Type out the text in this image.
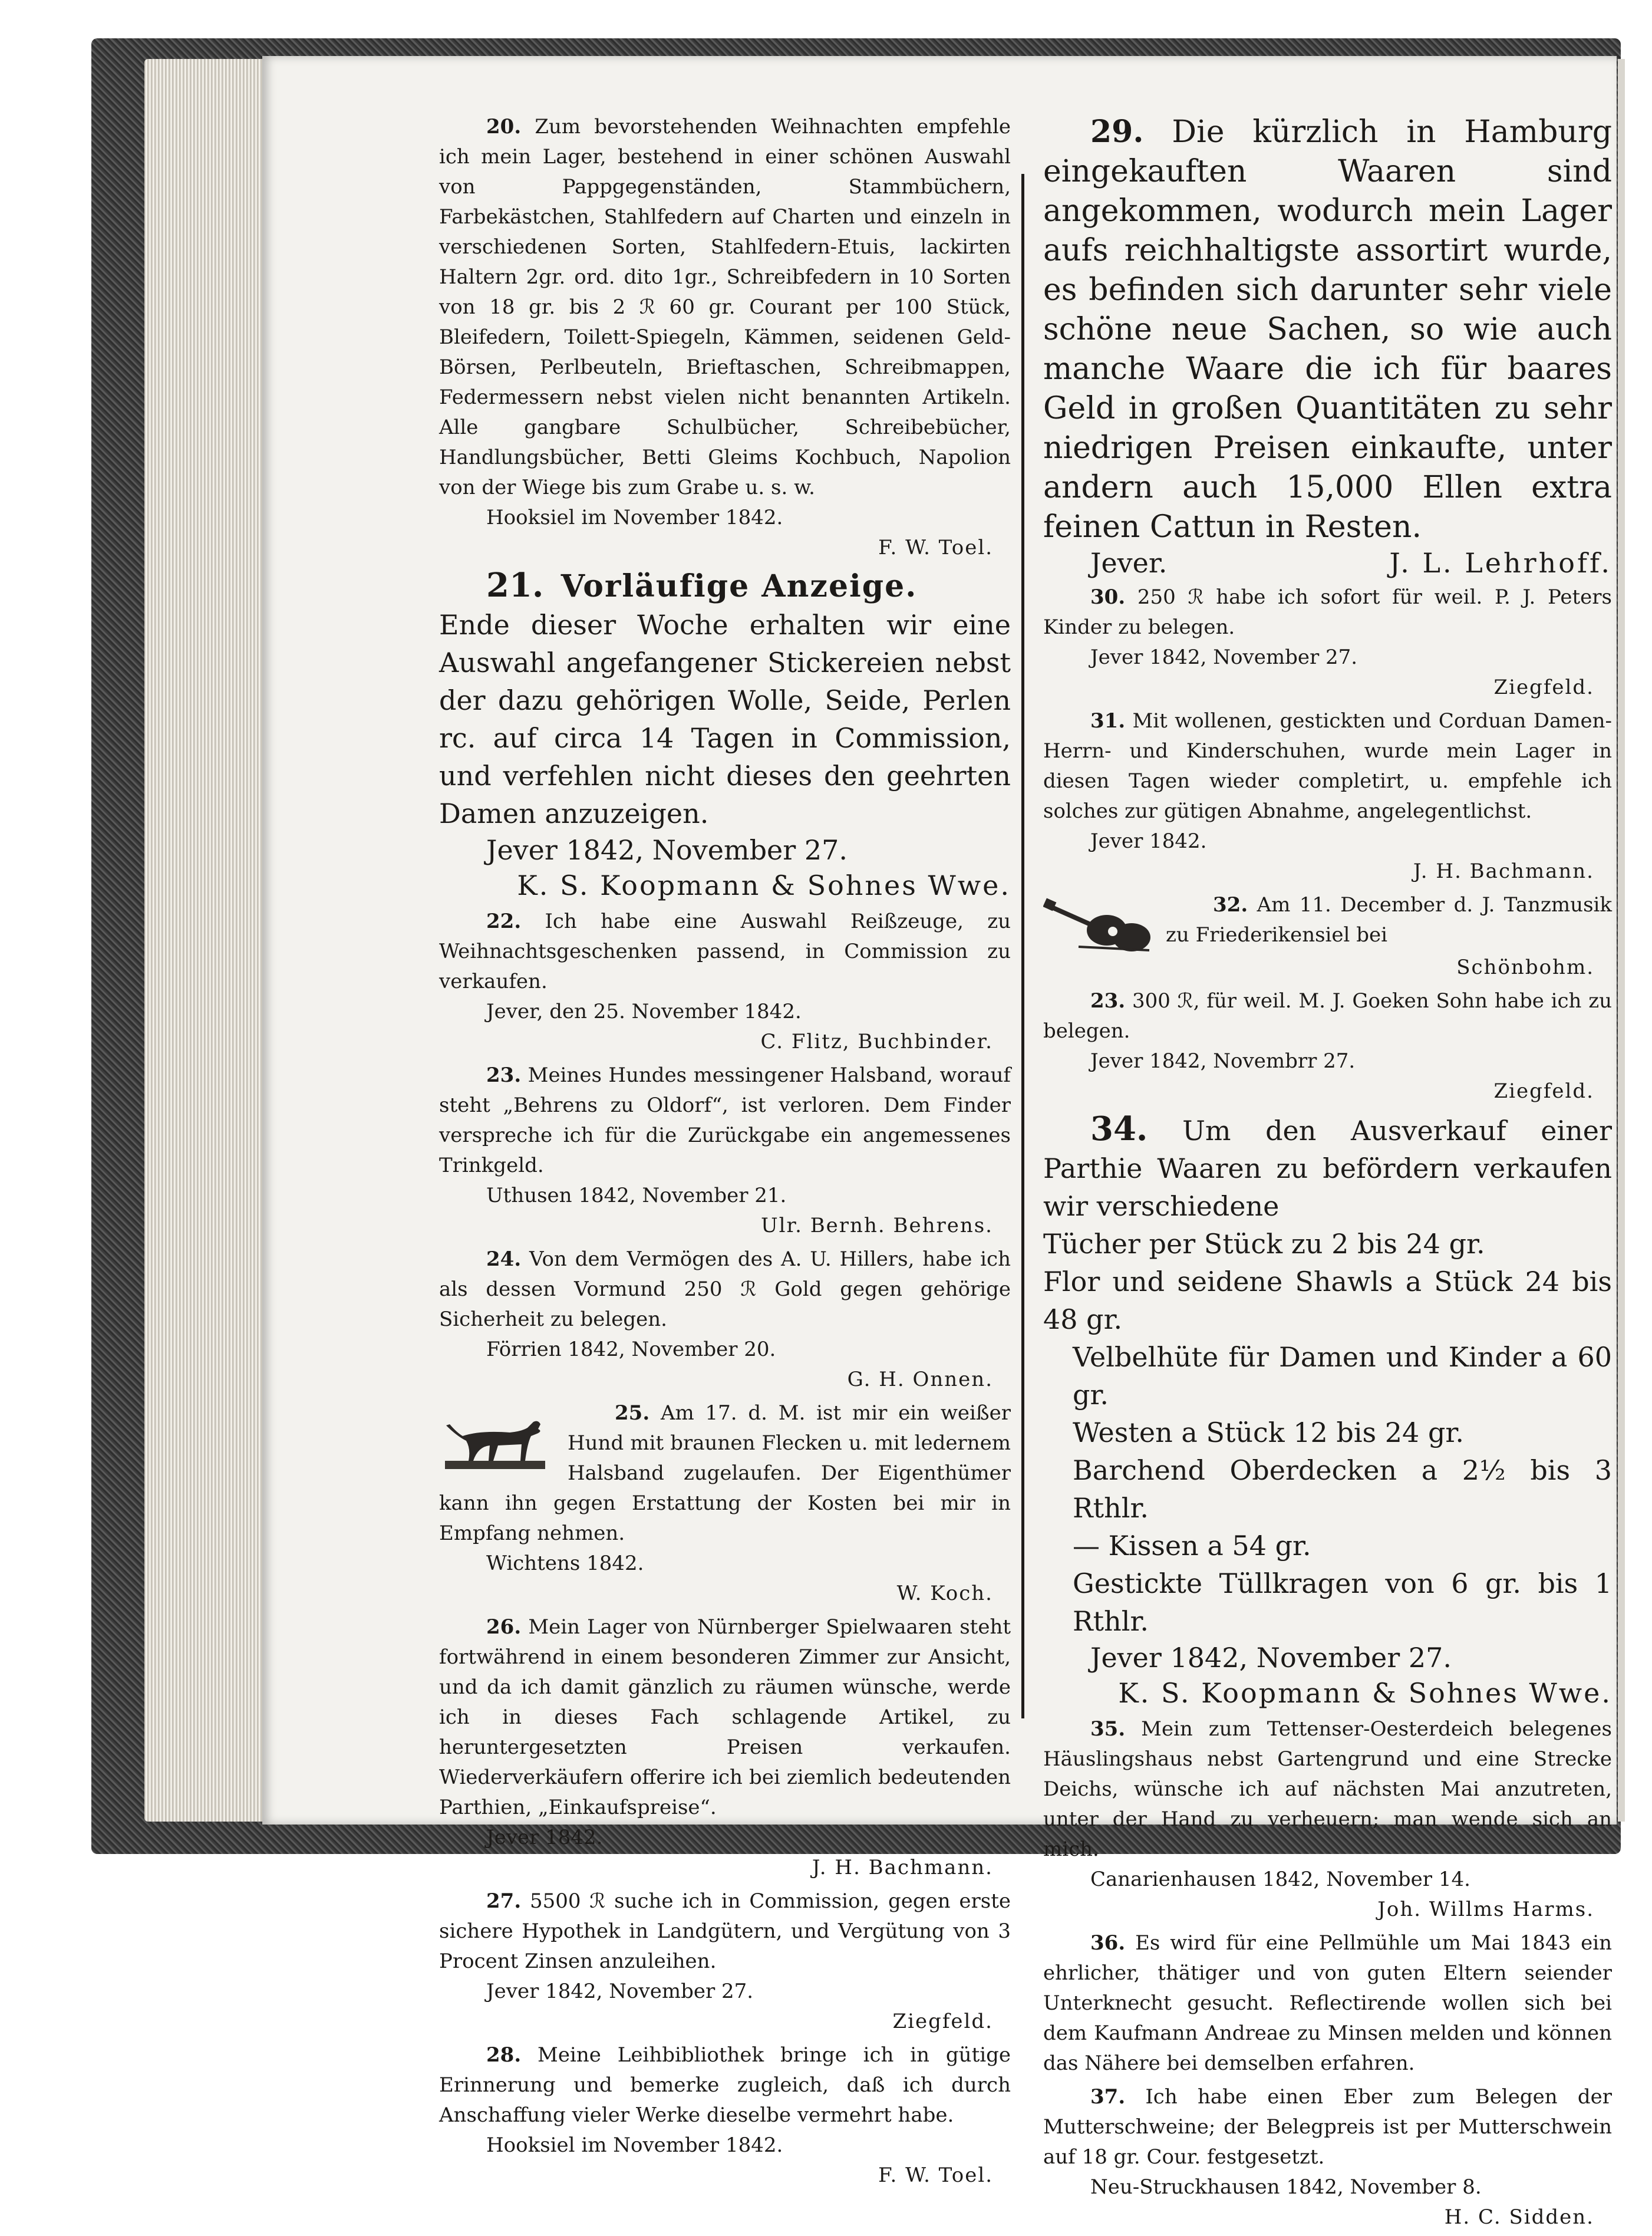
20. Zum bevorstehenden Weihnachten empfehle ich mein Lager, bestehend in einer schönen Auswahl von Pappgegenständen, Stammbüchern, Farbekästchen, Stahlfedern auf Charten und einzeln in verschiedenen Sorten, Stahlfedern-Etuis, lackirten Haltern 2gr. ord. dito 1gr., Schreibfedern in 10 Sorten von 18 gr. bis 2 ℛ 60 gr. Courant per 100 Stück, Bleifedern, Toilett-Spiegeln, Kämmen, seidenen Geld-Börsen, Perlbeuteln, Brieftaschen, Schreibmappen, Federmessern nebst vielen nicht benannten Artikeln. Alle gangbare Schulbücher, Schreibebücher, Handlungsbücher, Betti Gleims Kochbuch, Napolion von der Wiege bis zum Grabe u. s. w.

Hooksiel im November 1842.

F. W. Toel.

21. Vorläufige Anzeige.

Ende dieser Woche erhalten wir eine Auswahl angefangener Stickereien nebst der dazu gehörigen Wolle, Seide, Perlen rc. auf circa 14 Tagen in Commission, und verfehlen nicht dieses den geehrten Damen anzuzeigen.

Jever 1842, November 27.

K. S. Koopmann & Sohnes Wwe.

22. Ich habe eine Auswahl Reißzeuge, zu Weihnachtsgeschenken passend, in Commission zu verkaufen.

Jever, den 25. November 1842.

C. Flitz, Buchbinder.

23. Meines Hundes messingener Halsband, worauf steht „Behrens zu Oldorf“, ist verloren. Dem Finder verspreche ich für die Zurückgabe ein angemessenes Trinkgeld.

Uthusen 1842, November 21.

Ulr. Bernh. Behrens.

24. Von dem Vermögen des A. U. Hillers, habe ich als dessen Vormund 250 ℛ Gold gegen gehörige Sicherheit zu belegen.

Förrien 1842, November 20.

G. H. Onnen.

25. Am 17. d. M. ist mir ein weißer Hund mit braunen Flecken u. mit ledernem Halsband zugelaufen. Der Eigenthümer kann ihn gegen Erstattung der Kosten bei mir in Empfang nehmen.

Wichtens 1842.

W. Koch.

26. Mein Lager von Nürnberger Spielwaaren steht fortwährend in einem besonderen Zimmer zur Ansicht, und da ich damit gänzlich zu räumen wünsche, werde ich in dieses Fach schlagende Artikel, zu heruntergesetzten Preisen verkaufen. Wiederverkäufern offerire ich bei ziemlich bedeutenden Parthien, „Einkaufspreise“.

Jever 1842.

J. H. Bachmann.

27. 5500 ℛ suche ich in Commission, gegen erste sichere Hypothek in Landgütern, und Vergütung von 3 Procent Zinsen anzuleihen.

Jever 1842, November 27.

Ziegfeld.

28. Meine Leihbibliothek bringe ich in gütige Erinnerung und bemerke zugleich, daß ich durch Anschaffung vieler Werke dieselbe vermehrt habe.

Hooksiel im November 1842.

F. W. Toel.

29. Die kürzlich in Hamburg eingekauften Waaren sind angekommen, wodurch mein Lager aufs reichhaltigste assortirt wurde, es befinden sich darunter sehr viele schöne neue Sachen, so wie auch manche Waare die ich für baares Geld in großen Quantitäten zu sehr niedrigen Preisen einkaufte, unter andern auch 15,000 Ellen extra feinen Cattun in Resten.

Jever.	J. L. Lehrhoff.

30. 250 ℛ habe ich sofort für weil. P. J. Peters Kinder zu belegen.

Jever 1842, November 27.

Ziegfeld.

31. Mit wollenen, gestickten und Corduan Damen-Herrn- und Kinderschuhen, wurde mein Lager in diesen Tagen wieder completirt, u. empfehle ich solches zur gütigen Abnahme, angelegentlichst.

Jever 1842.

J. H. Bachmann.

32. Am 11. December d. J. Tanzmusik zu Friederikensiel bei

Schönbohm.

23. 300 ℛ, für weil. M. J. Goeken Sohn habe ich zu belegen.

Jever 1842, Novembrr 27.

Ziegfeld.

34. Um den Ausverkauf einer Parthie Waaren zu befördern verkaufen wir verschiedene

Tücher per Stück zu 2 bis 24 gr.

Flor und seidene Shawls a Stück 24 bis 48 gr.

Velbelhüte für Damen und Kinder a 60 gr.

Westen a Stück 12 bis 24 gr.

Barchend Oberdecken a 2½ bis 3 Rthlr.

— Kissen a 54 gr.

Gestickte Tüllkragen von 6 gr. bis 1 Rthlr.

Jever 1842, November 27.

K. S. Koopmann & Sohnes Wwe.

35. Mein zum Tettenser-Oesterdeich belegenes Häuslingshaus nebst Gartengrund und eine Strecke Deichs, wünsche ich auf nächsten Mai anzutreten, unter der Hand zu verheuern; man wende sich an mich.

Canarienhausen 1842, November 14.

Joh. Willms Harms.

36. Es wird für eine Pellmühle um Mai 1843 ein ehrlicher, thätiger und von guten Eltern seiender Unterknecht gesucht. Reflectirende wollen sich bei dem Kaufmann Andreae zu Minsen melden und können das Nähere bei demselben erfahren.

37. Ich habe einen Eber zum Belegen der Mutterschweine; der Belegpreis ist per Mutterschwein auf 18 gr. Cour. festgesetzt.

Neu-Struckhausen 1842, November 8.

H. C. Sidden.
